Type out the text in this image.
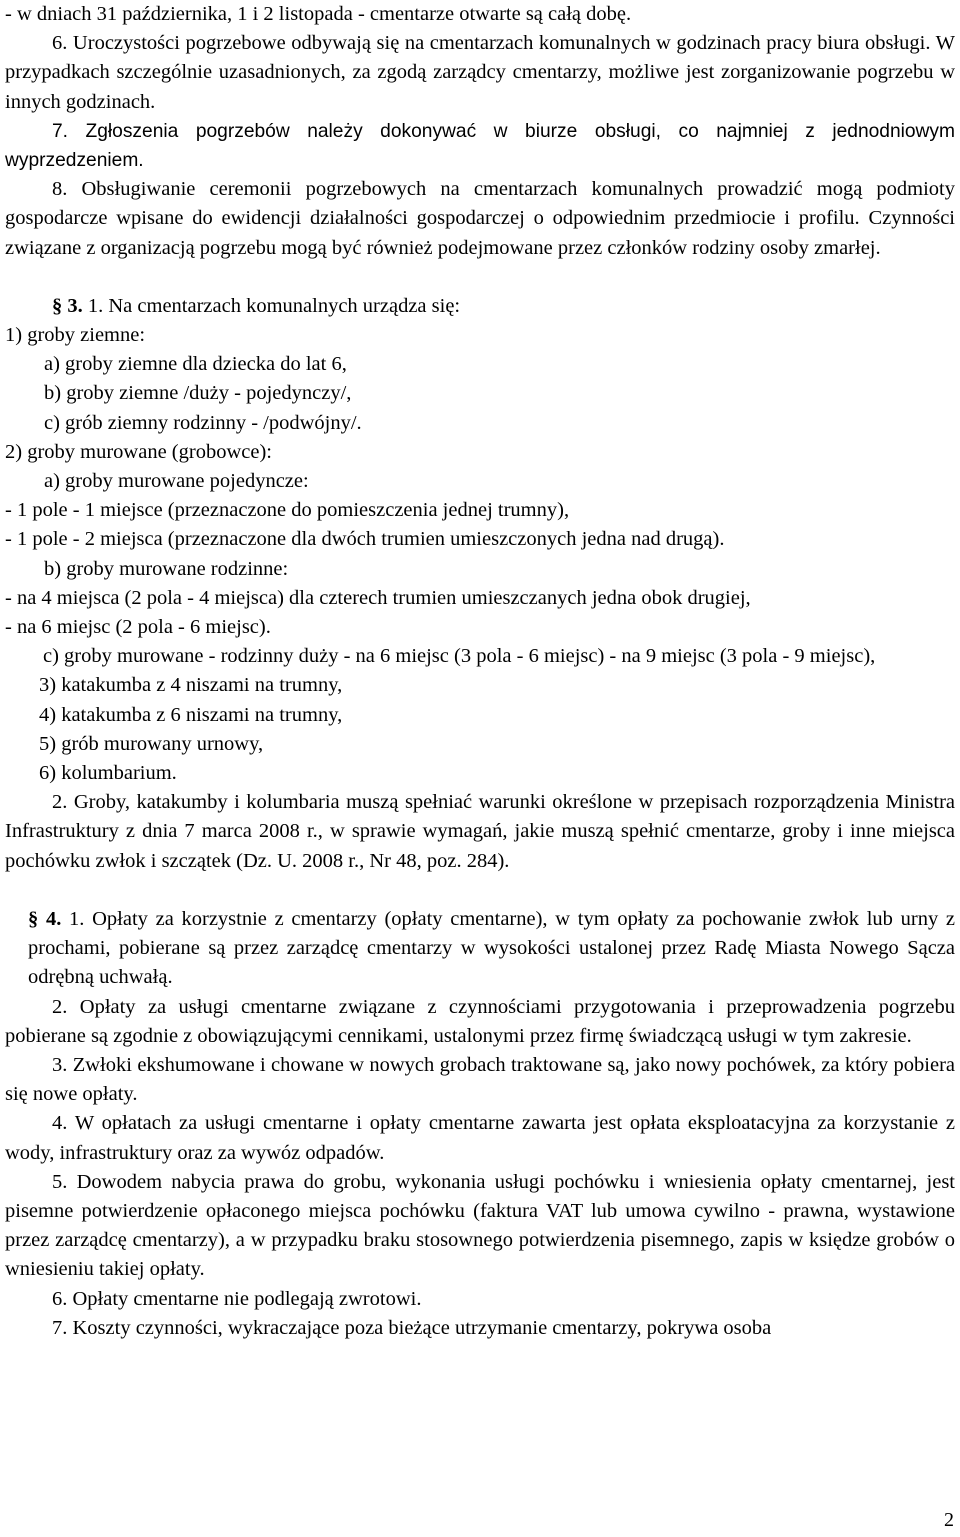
- w dniach 31 października, 1 i 2 listopada - cmentarze otwarte są całą dobę.

6. Uroczystości pogrzebowe odbywają się na cmentarzach komunalnych w godzinach pracy biura obsługi. W przypadkach szczególnie uzasadnionych, za zgodą zarządcy cmentarzy, możliwe jest zorganizowanie pogrzebu w innych godzinach.

7. Zgłoszenia pogrzebów należy dokonywać w biurze obsługi, co najmniej z jednodniowym wyprzedzeniem.

8. Obsługiwanie ceremonii pogrzebowych na cmentarzach komunalnych prowadzić mogą podmioty gospodarcze wpisane do ewidencji działalności gospodarczej o odpowiednim przedmiocie i profilu. Czynności związane z organizacją pogrzebu mogą być również podejmowane przez członków rodziny osoby zmarłej.

§ 3. 1. Na cmentarzach komunalnych urządza się:

1) groby ziemne:

a) groby ziemne dla dziecka do lat 6,

b) groby ziemne /duży - pojedynczy/,

c) grób ziemny rodzinny - /podwójny/.

2) groby murowane (grobowce):

a) groby murowane pojedyncze:

- 1 pole - 1 miejsce (przeznaczone do pomieszczenia jednej trumny),

- 1 pole - 2 miejsca (przeznaczone dla dwóch trumien umieszczonych jedna nad drugą).

b) groby murowane rodzinne:

- na 4 miejsca (2 pola - 4 miejsca) dla czterech trumien umieszczanych jedna obok drugiej,

- na 6 miejsc (2 pola - 6 miejsc).

c) groby murowane - rodzinny duży - na 6 miejsc (3 pola - 6 miejsc) - na 9 miejsc (3 pola - 9 miejsc),

3) katakumba z 4 niszami na trumny,

4) katakumba z 6 niszami na trumny,

5) grób murowany urnowy,

6) kolumbarium.

2. Groby, katakumby i kolumbaria muszą spełniać warunki określone w przepisach rozporządzenia Ministra Infrastruktury z dnia 7 marca 2008 r., w sprawie wymagań, jakie muszą spełnić cmentarze, groby i inne miejsca pochówku zwłok i szczątek (Dz. U. 2008 r., Nr 48, poz. 284).

§ 4. 1. Opłaty za korzystnie z cmentarzy (opłaty cmentarne), w tym opłaty za pochowanie zwłok lub urny z prochami, pobierane są przez zarządcę cmentarzy w wysokości ustalonej przez Radę Miasta Nowego Sącza odrębną uchwałą.

2. Opłaty za usługi cmentarne związane z czynnościami przygotowania i przeprowadzenia pogrzebu pobierane są zgodnie z obowiązującymi cennikami, ustalonymi przez firmę świadczącą usługi w tym zakresie.

3. Zwłoki ekshumowane i chowane w nowych grobach traktowane są, jako nowy pochówek, za który pobiera się nowe opłaty.

4. W opłatach za usługi cmentarne i opłaty cmentarne zawarta jest opłata eksploatacyjna za korzystanie z wody, infrastruktury oraz za wywóz odpadów.

5. Dowodem nabycia prawa do grobu, wykonania usługi pochówku i wniesienia opłaty cmentarnej, jest pisemne potwierdzenie opłaconego miejsca pochówku (faktura VAT lub umowa cywilno - prawna, wystawione przez zarządcę cmentarzy), a w przypadku braku stosownego potwierdzenia pisemnego, zapis w księdze grobów o wniesieniu takiej opłaty.

6. Opłaty cmentarne nie podlegają zwrotowi.

7. Koszty czynności, wykraczające poza bieżące utrzymanie cmentarzy, pokrywa osoba

2
